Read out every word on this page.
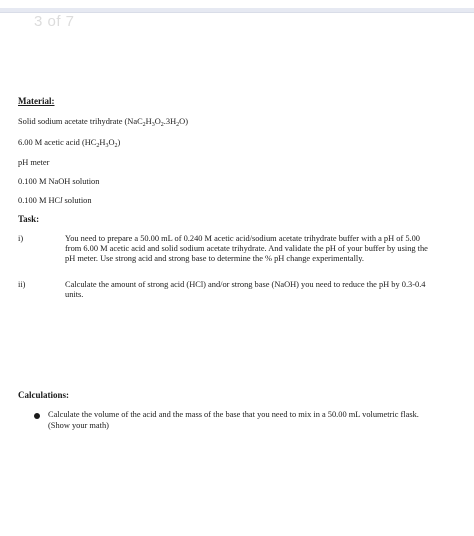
3 of 7
Material:
Solid sodium acetate trihydrate $(NaC_2H_3O_2.3H_2O)$
6.00 M acetic acid $(HC_2H_3O_2)$
pH meter
0.100 M NaOH solution
0.100 M HCl solution
Task:
i)	You need to prepare a 50.00 mL of 0.240 M acetic acid/sodium acetate trihydrate buffer with a pH of 5.00 from 6.00 M acetic acid and solid sodium acetate trihydrate. And validate the pH of your buffer by using the pH meter. Use strong acid and strong base to determine the % pH change experimentally.
ii)	Calculate the amount of strong acid (HCl) and/or strong base (NaOH) you need to reduce the pH by 0.3-0.4 units.
Calculations:
Calculate the volume of the acid and the mass of the base that you need to mix in a 50.00 mL volumetric flask. (Show your math)
